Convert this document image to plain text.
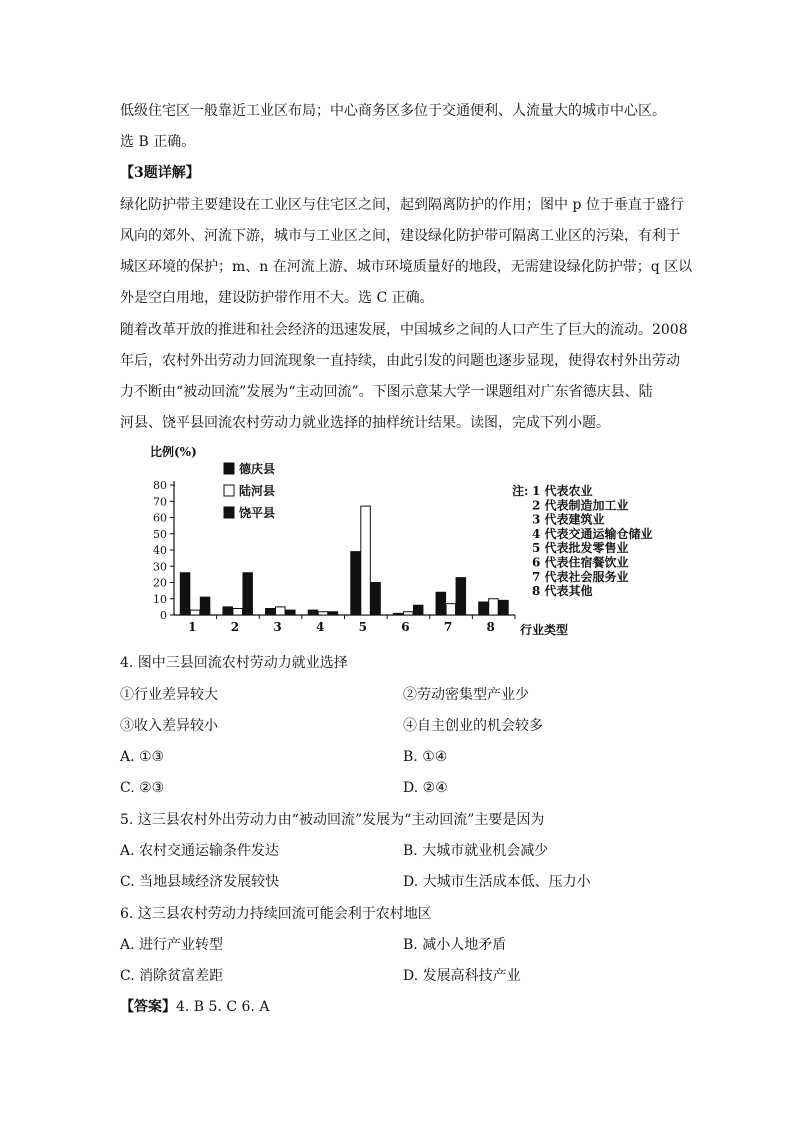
低级住宅区一般靠近工业区布局；中心商务区多位于交通便利、人流量大的城市中心区。
选 B 正确。
【3题详解】
绿化防护带主要建设在工业区与住宅区之间，起到隔离防护的作用；图中 p 位于垂直于盛行
风向的郊外、河流下游，城市与工业区之间，建设绿化防护带可隔离工业区的污染，有利于
城区环境的保护；m、n 在河流上游、城市环境质量好的地段，无需建设绿化防护带；q 区以
外是空白用地，建设防护带作用不大。选 C 正确。
随着改革开放的推进和社会经济的迅速发展，中国城乡之间的人口产生了巨大的流动。2008
年后，农村外出劳动力回流现象一直持续，由此引发的问题也逐步显现，使得农村外出劳动
力不断由“被动回流”发展为“主动回流”。下图示意某大学一课题组对广东省德庆县、陆
河县、饶平县回流农村劳动力就业选择的抽样统计结果。读图，完成下列小题。
比例(%)
0
10
20
30
40
50
60
70
80
1	2	3	4	5	6	7	8 行业类型
德庆县
陆河县
饶平县
注: 1 代表农业
2 代表制造加工业
3 代表建筑业
4 代表交通运输仓储业
5 代表批发零售业
6 代表住宿餐饮业
7 代表社会服务业
8 代表其他
4. 图中三县回流农村劳动力就业选择
①行业差异较大	②劳动密集型产业少
③收入差异较小	④自主创业的机会较多
A. ①③	B. ①④
C. ②③	D. ②④
5. 这三县农村外出劳动力由“被动回流”发展为“主动回流”主要是因为
A. 农村交通运输条件发达	B. 大城市就业机会减少
C. 当地县域经济发展较快	D. 大城市生活成本低、压力小
6. 这三县农村劳动力持续回流可能会利于农村地区
A. 进行产业转型	B. 减小人地矛盾
C. 消除贫富差距	D. 发展高科技产业
【答案】4. B 5. C 6. A
